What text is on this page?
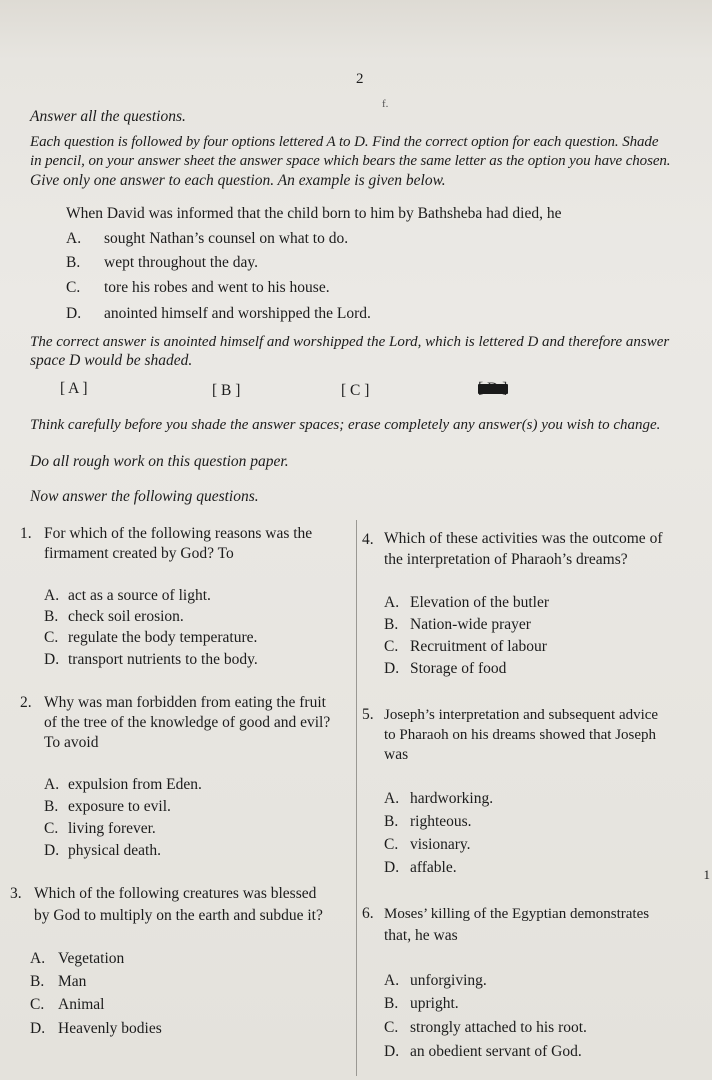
2
f.
Answer all the questions.
Each question is followed by four options lettered A to D. Find the correct option for each question. Shade
in pencil, on your answer sheet the answer space which bears the same letter as the option you have chosen.
Give only one answer to each question. An example is given below.
When David was informed that the child born to him by Bathsheba had died, he
A. sought Nathan’s counsel on what to do.
B. wept throughout the day.
C. tore his robes and went to his house.
D. anointed himself and worshipped the Lord.
The correct answer is anointed himself and worshipped the Lord, which is lettered D and therefore answer
space D would be shaded.
[ A ]	[ B ]	[ C ]
Think carefully before you shade the answer spaces; erase completely any answer(s) you wish to change.
Do all rough work on this question paper.
Now answer the following questions.
1. For which of the following reasons was the
firmament created by God? To
A. act as a source of light.
B. check soil erosion.
C. regulate the body temperature.
D. transport nutrients to the body.
2. Why was man forbidden from eating the fruit
of the tree of the knowledge of good and evil?
To avoid
A. expulsion from Eden.
B. exposure to evil.
C. living forever.
D. physical death.
3. Which of the following creatures was blessed
by God to multiply on the earth and subdue it?
A. Vegetation
B. Man
C. Animal
D. Heavenly bodies
4. Which of these activities was the outcome of
the interpretation of Pharaoh’s dreams?
A. Elevation of the butler
B. Nation-wide prayer
C. Recruitment of labour
D. Storage of food
5. Joseph’s interpretation and subsequent advice
to Pharaoh on his dreams showed that Joseph
was
A. hardworking.
B. righteous.
C. visionary.
D. affable.	1
6. Moses’ killing of the Egyptian demonstrates
that, he was
A. unforgiving.
B. upright.
C. strongly attached to his root.
D. an obedient servant of God.
